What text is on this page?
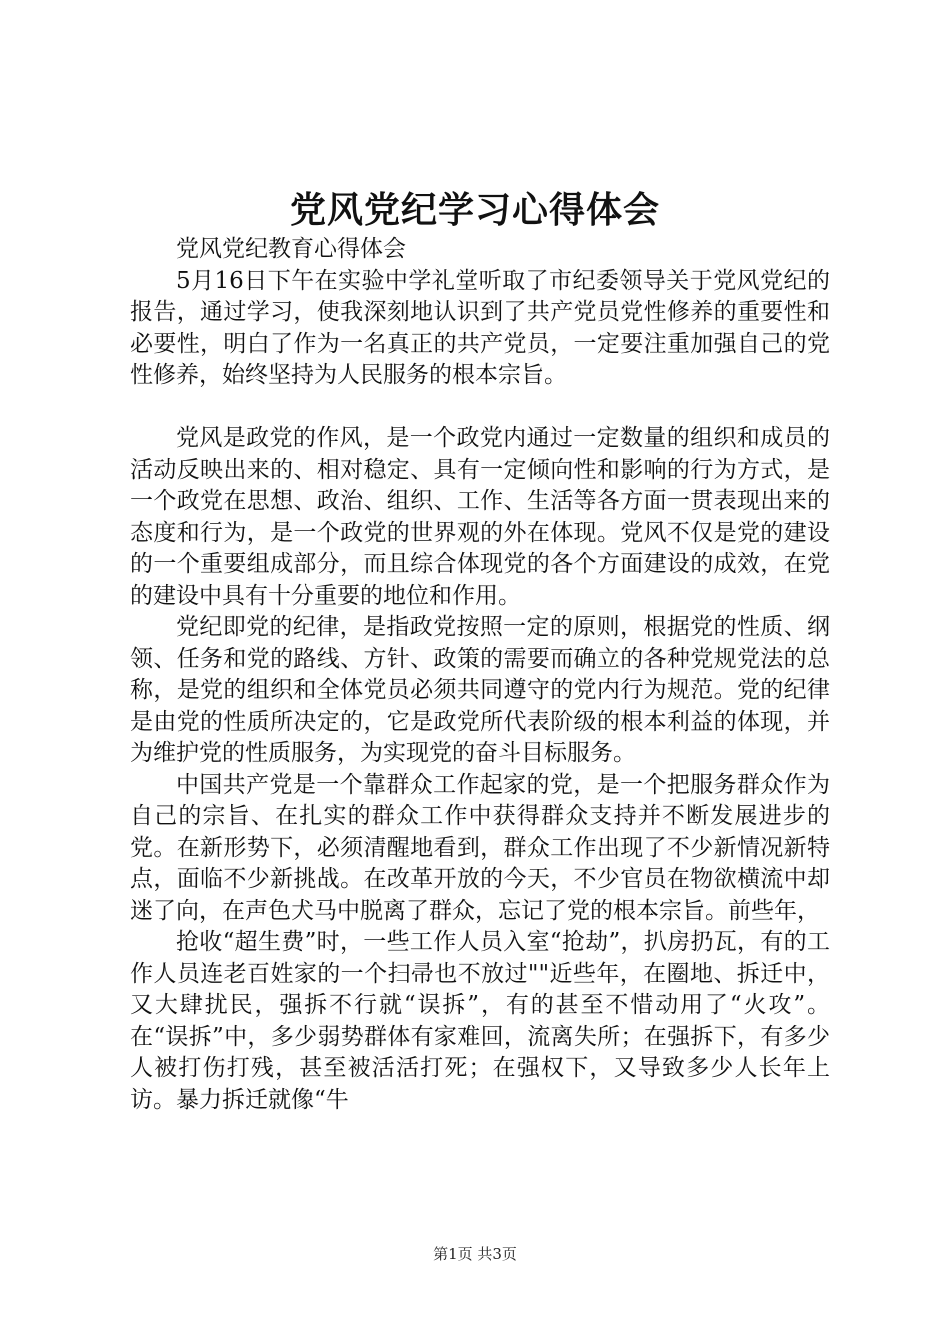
党风党纪学习心得体会

党风党纪教育心得体会

5月16日下午在实验中学礼堂听取了市纪委领导关于党风党纪的报告，通过学习，使我深刻地认识到了共产党员党性修养的重要性和必要性，明白了作为一名真正的共产党员，一定要注重加强自己的党性修养，始终坚持为人民服务的根本宗旨。

党风是政党的作风，是一个政党内通过一定数量的组织和成员的活动反映出来的、相对稳定、具有一定倾向性和影响的行为方式，是一个政党在思想、政治、组织、工作、生活等各方面一贯表现出来的态度和行为，是一个政党的世界观的外在体现。党风不仅是党的建设的一个重要组成部分，而且综合体现党的各个方面建设的成效，在党的建设中具有十分重要的地位和作用。

党纪即党的纪律，是指政党按照一定的原则，根据党的性质、纲领、任务和党的路线、方针、政策的需要而确立的各种党规党法的总称，是党的组织和全体党员必须共同遵守的党内行为规范。党的纪律是由党的性质所决定的，它是政党所代表阶级的根本利益的体现，并为维护党的性质服务，为实现党的奋斗目标服务。

中国共产党是一个靠群众工作起家的党，是一个把服务群众作为自己的宗旨、在扎实的群众工作中获得群众支持并不断发展进步的党。在新形势下，必须清醒地看到，群众工作出现了不少新情况新特点，面临不少新挑战。在改革开放的今天，不少官员在物欲横流中却迷了向，在声色犬马中脱离了群众，忘记了党的根本宗旨。前些年，

抢收“超生费”时，一些工作人员入室“抢劫”，扒房扔瓦，有的工作人员连老百姓家的一个扫帚也不放过""近些年，在圈地、拆迁中，又大肆扰民，强拆不行就“误拆”，有的甚至不惜动用了“火攻”。在“误拆”中，多少弱势群体有家难回，流离失所；在强拆下，有多少人被打伤打残，甚至被活活打死；在强权下，又导致多少人长年上访。暴力拆迁就像“牛

第1页 共3页
